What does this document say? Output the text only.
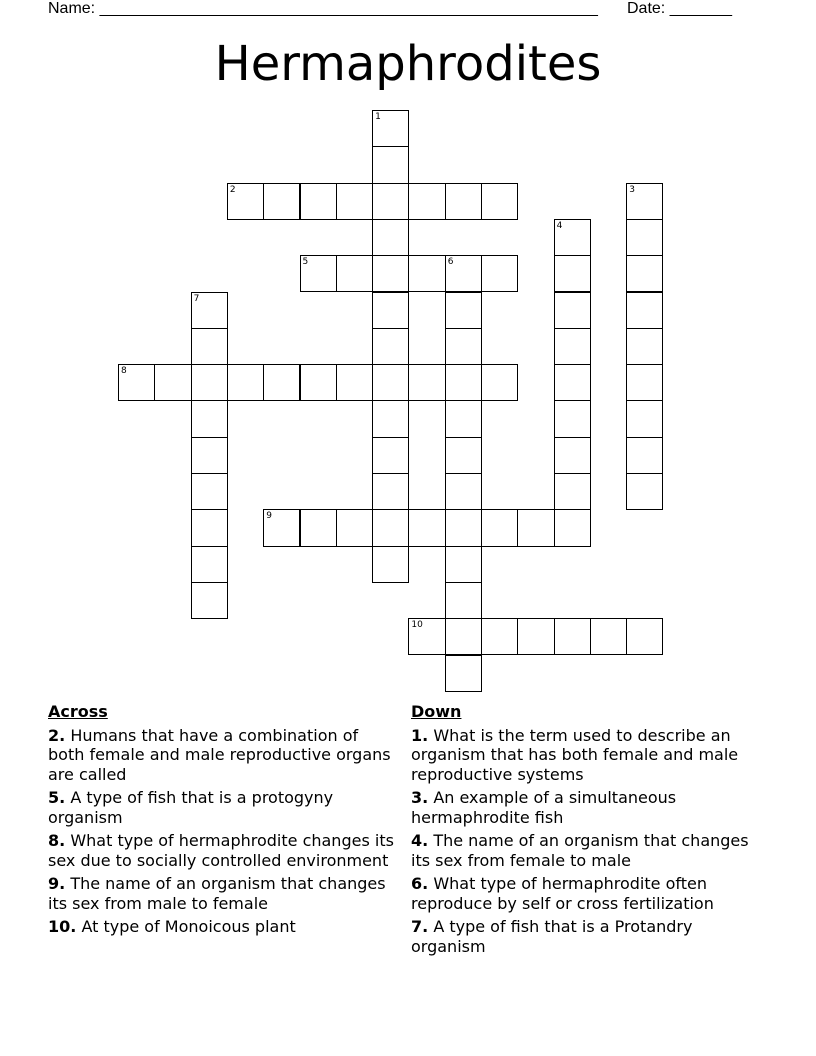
Name: ________________________________________________________ Date: _______
Hermaphrodites
1
2	3
4
5	6
7
8
9
10
Across
2. Humans that have a combination of both female and male reproductive organs are called
5. A type of fish that is a protogyny organism
8. What type of hermaphrodite changes its sex due to socially controlled environment
9. The name of an organism that changes its sex from male to female
10. At type of Monoicous plant
Down
1. What is the term used to describe an organism that has both female and male reproductive systems
3. An example of a simultaneous hermaphrodite fish
4. The name of an organism that changes its sex from female to male
6. What type of hermaphrodite often reproduce by self or cross fertilization
7. A type of fish that is a Protandry organism
